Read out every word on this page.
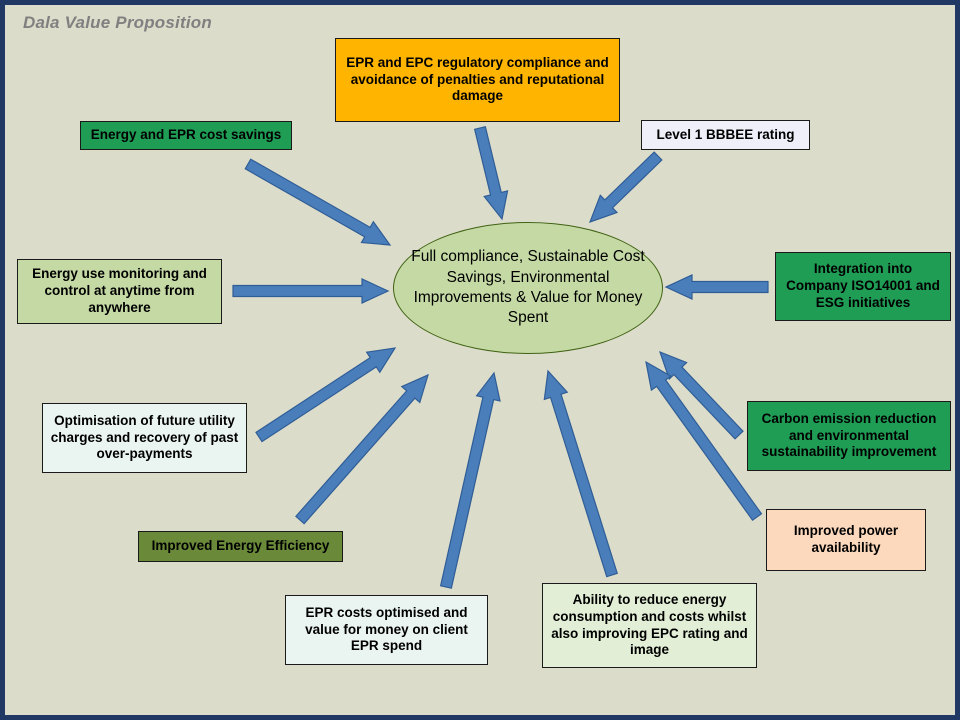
Dala Value Proposition
Full compliance, Sustainable Cost Savings, Environmental Improvements & Value for Money Spent
EPR and EPC regulatory compliance and avoidance of penalties and reputational damage
Energy and EPR cost savings	Level 1 BBBEE rating
Energy use monitoring and control at anytime from anywhere
Integration into Company ISO14001 and ESG initiatives
Optimisation of future utility charges and recovery of past over-payments
Carbon emission reduction and environmental sustainability improvement
Improved Energy Efficiency
Improved power availability
EPR costs optimised and value for money on client EPR spend
Ability to reduce energy consumption and costs whilst also improving EPC rating and image
